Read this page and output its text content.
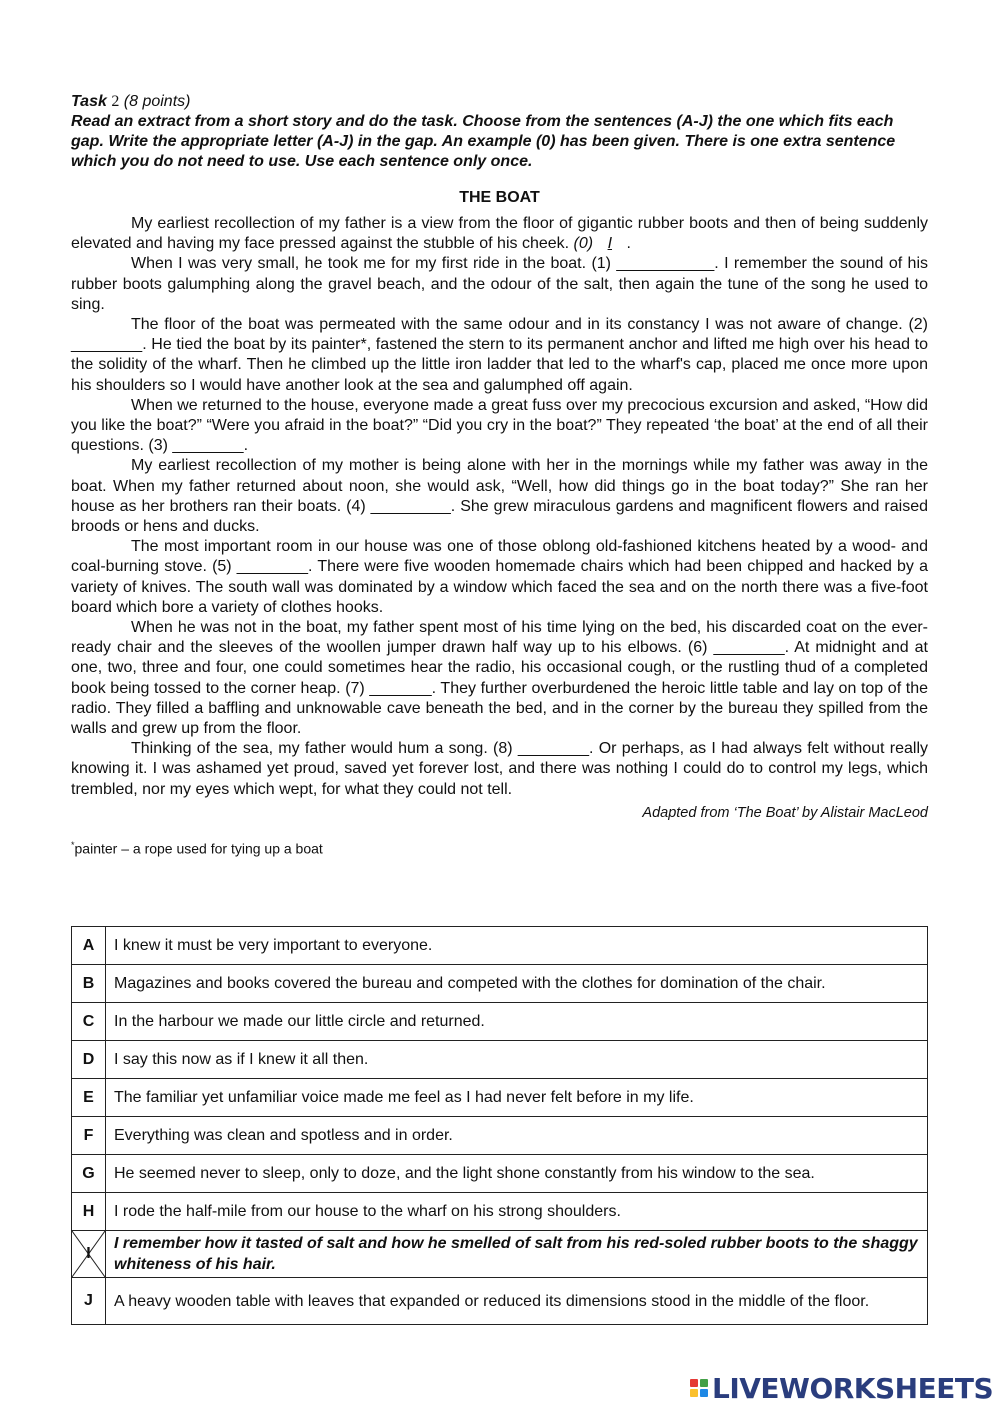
Task 2 (8 points)
Read an extract from a short story and do the task. Choose from the sentences (A-J) the one which fits each gap. Write the appropriate letter (A-J) in the gap. An example (0) has been given. There is one extra sentence which you do not need to use. Use each sentence only once.
THE BOAT

My earliest recollection of my father is a view from the floor of gigantic rubber boots and then of being suddenly elevated and having my face pressed against the stubble of his cheek. (0) I .

When I was very small, he took me for my first ride in the boat. (1) ___________. I remember the sound of his rubber boots galumphing along the gravel beach, and the odour of the salt, then again the tune of the song he used to sing.

The floor of the boat was permeated with the same odour and in its constancy I was not aware of change. (2) ________. He tied the boat by its painter*, fastened the stern to its permanent anchor and lifted me high over his head to the solidity of the wharf. Then he climbed up the little iron ladder that led to the wharf's cap, placed me once more upon his shoulders so I would have another look at the sea and galumphed off again.

When we returned to the house, everyone made a great fuss over my precocious excursion and asked, “How did you like the boat?” “Were you afraid in the boat?” “Did you cry in the boat?” They repeated ‘the boat’ at the end of all their questions. (3) ________.

My earliest recollection of my mother is being alone with her in the mornings while my father was away in the boat. When my father returned about noon, she would ask, “Well, how did things go in the boat today?” She ran her house as her brothers ran their boats. (4) _________. She grew miraculous gardens and magnificent flowers and raised broods or hens and ducks.

The most important room in our house was one of those oblong old-fashioned kitchens heated by a wood- and coal-burning stove. (5) ________. There were five wooden homemade chairs which had been chipped and hacked by a variety of knives. The south wall was dominated by a window which faced the sea and on the north there was a five-foot board which bore a variety of clothes hooks.

When he was not in the boat, my father spent most of his time lying on the bed, his discarded coat on the ever-ready chair and the sleeves of the woollen jumper drawn half way up to his elbows. (6) ________. At midnight and at one, two, three and four, one could sometimes hear the radio, his occasional cough, or the rustling thud of a completed book being tossed to the corner heap. (7) _______. They further overburdened the heroic little table and lay on top of the radio. They filled a baffling and unknowable cave beneath the bed, and in the corner by the bureau they spilled from the walls and grew up from the floor.

Thinking of the sea, my father would hum a song. (8) ________. Or perhaps, as I had always felt without really knowing it. I was ashamed yet proud, saved yet forever lost, and there was nothing I could do to control my legs, which trembled, nor my eyes which wept, for what they could not tell.

Adapted from ‘The Boat’ by Alistair MacLeod
*painter – a rope used for tying up a boat
A	I knew it must be very important to everyone.
B	Magazines and books covered the bureau and competed with the clothes for domination of the chair.
C	In the harbour we made our little circle and returned.
D	I say this now as if I knew it all then.
E	The familiar yet unfamiliar voice made me feel as I had never felt before in my life.
F	Everything was clean and spotless and in order.
G	He seemed never to sleep, only to doze, and the light shone constantly from his window to the sea.
H	I rode the half-mile from our house to the wharf on his strong shoulders.

I	I remember how it tasted of salt and how he smelled of salt from his red-soled rubber boots to the shaggy whiteness of his hair.
J	A heavy wooden table with leaves that expanded or reduced its dimensions stood in the middle of the floor.
LIVEWORKSHEETS
